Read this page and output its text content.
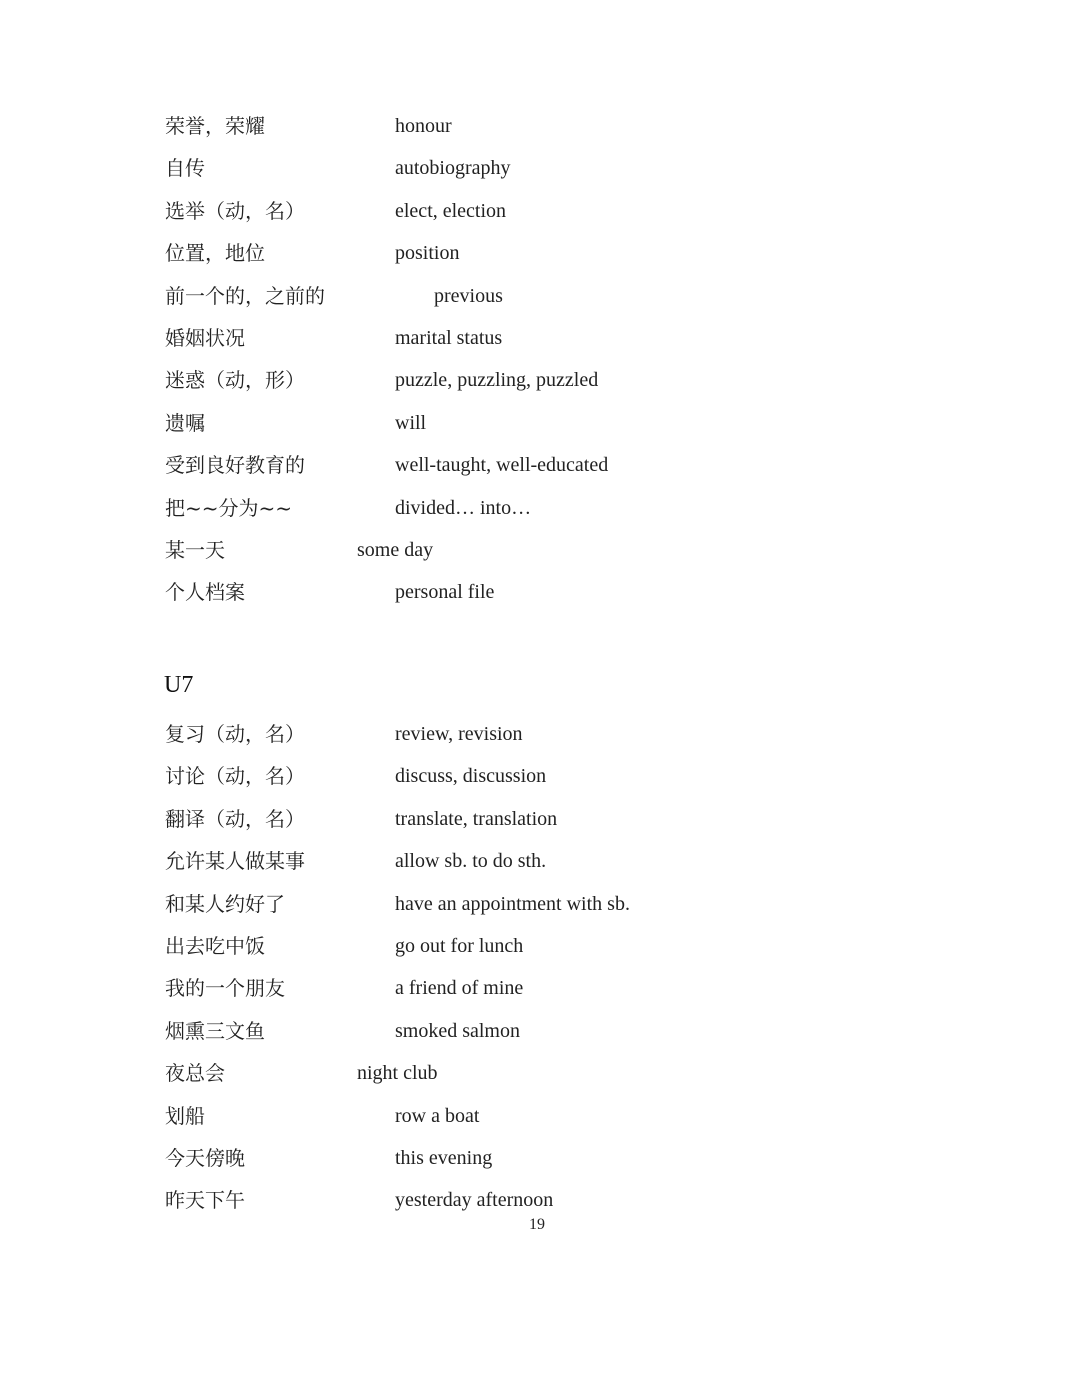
荣誉，荣耀	honour
自传	autobiography
选举（动，名）	elect, election
位置，地位	position
前一个的，之前的	previous
婚姻状况	marital status
迷惑（动，形）	puzzle, puzzling, puzzled
遗嘱	will
受到良好教育的	well-taught, well-educated
把~~分为~~	divided… into…
某一天	some day
个人档案	personal file
U7
复习（动，名）	review, revision
讨论（动，名）	discuss, discussion
翻译（动，名）	translate, translation
允许某人做某事	allow sb. to do sth.
和某人约好了	have an appointment with sb.
出去吃中饭	go out for lunch
我的一个朋友	a friend of mine
烟熏三文鱼	smoked salmon
夜总会	night club
划船	row a boat
今天傍晚	this evening
昨天下午	yesterday afternoon
19
